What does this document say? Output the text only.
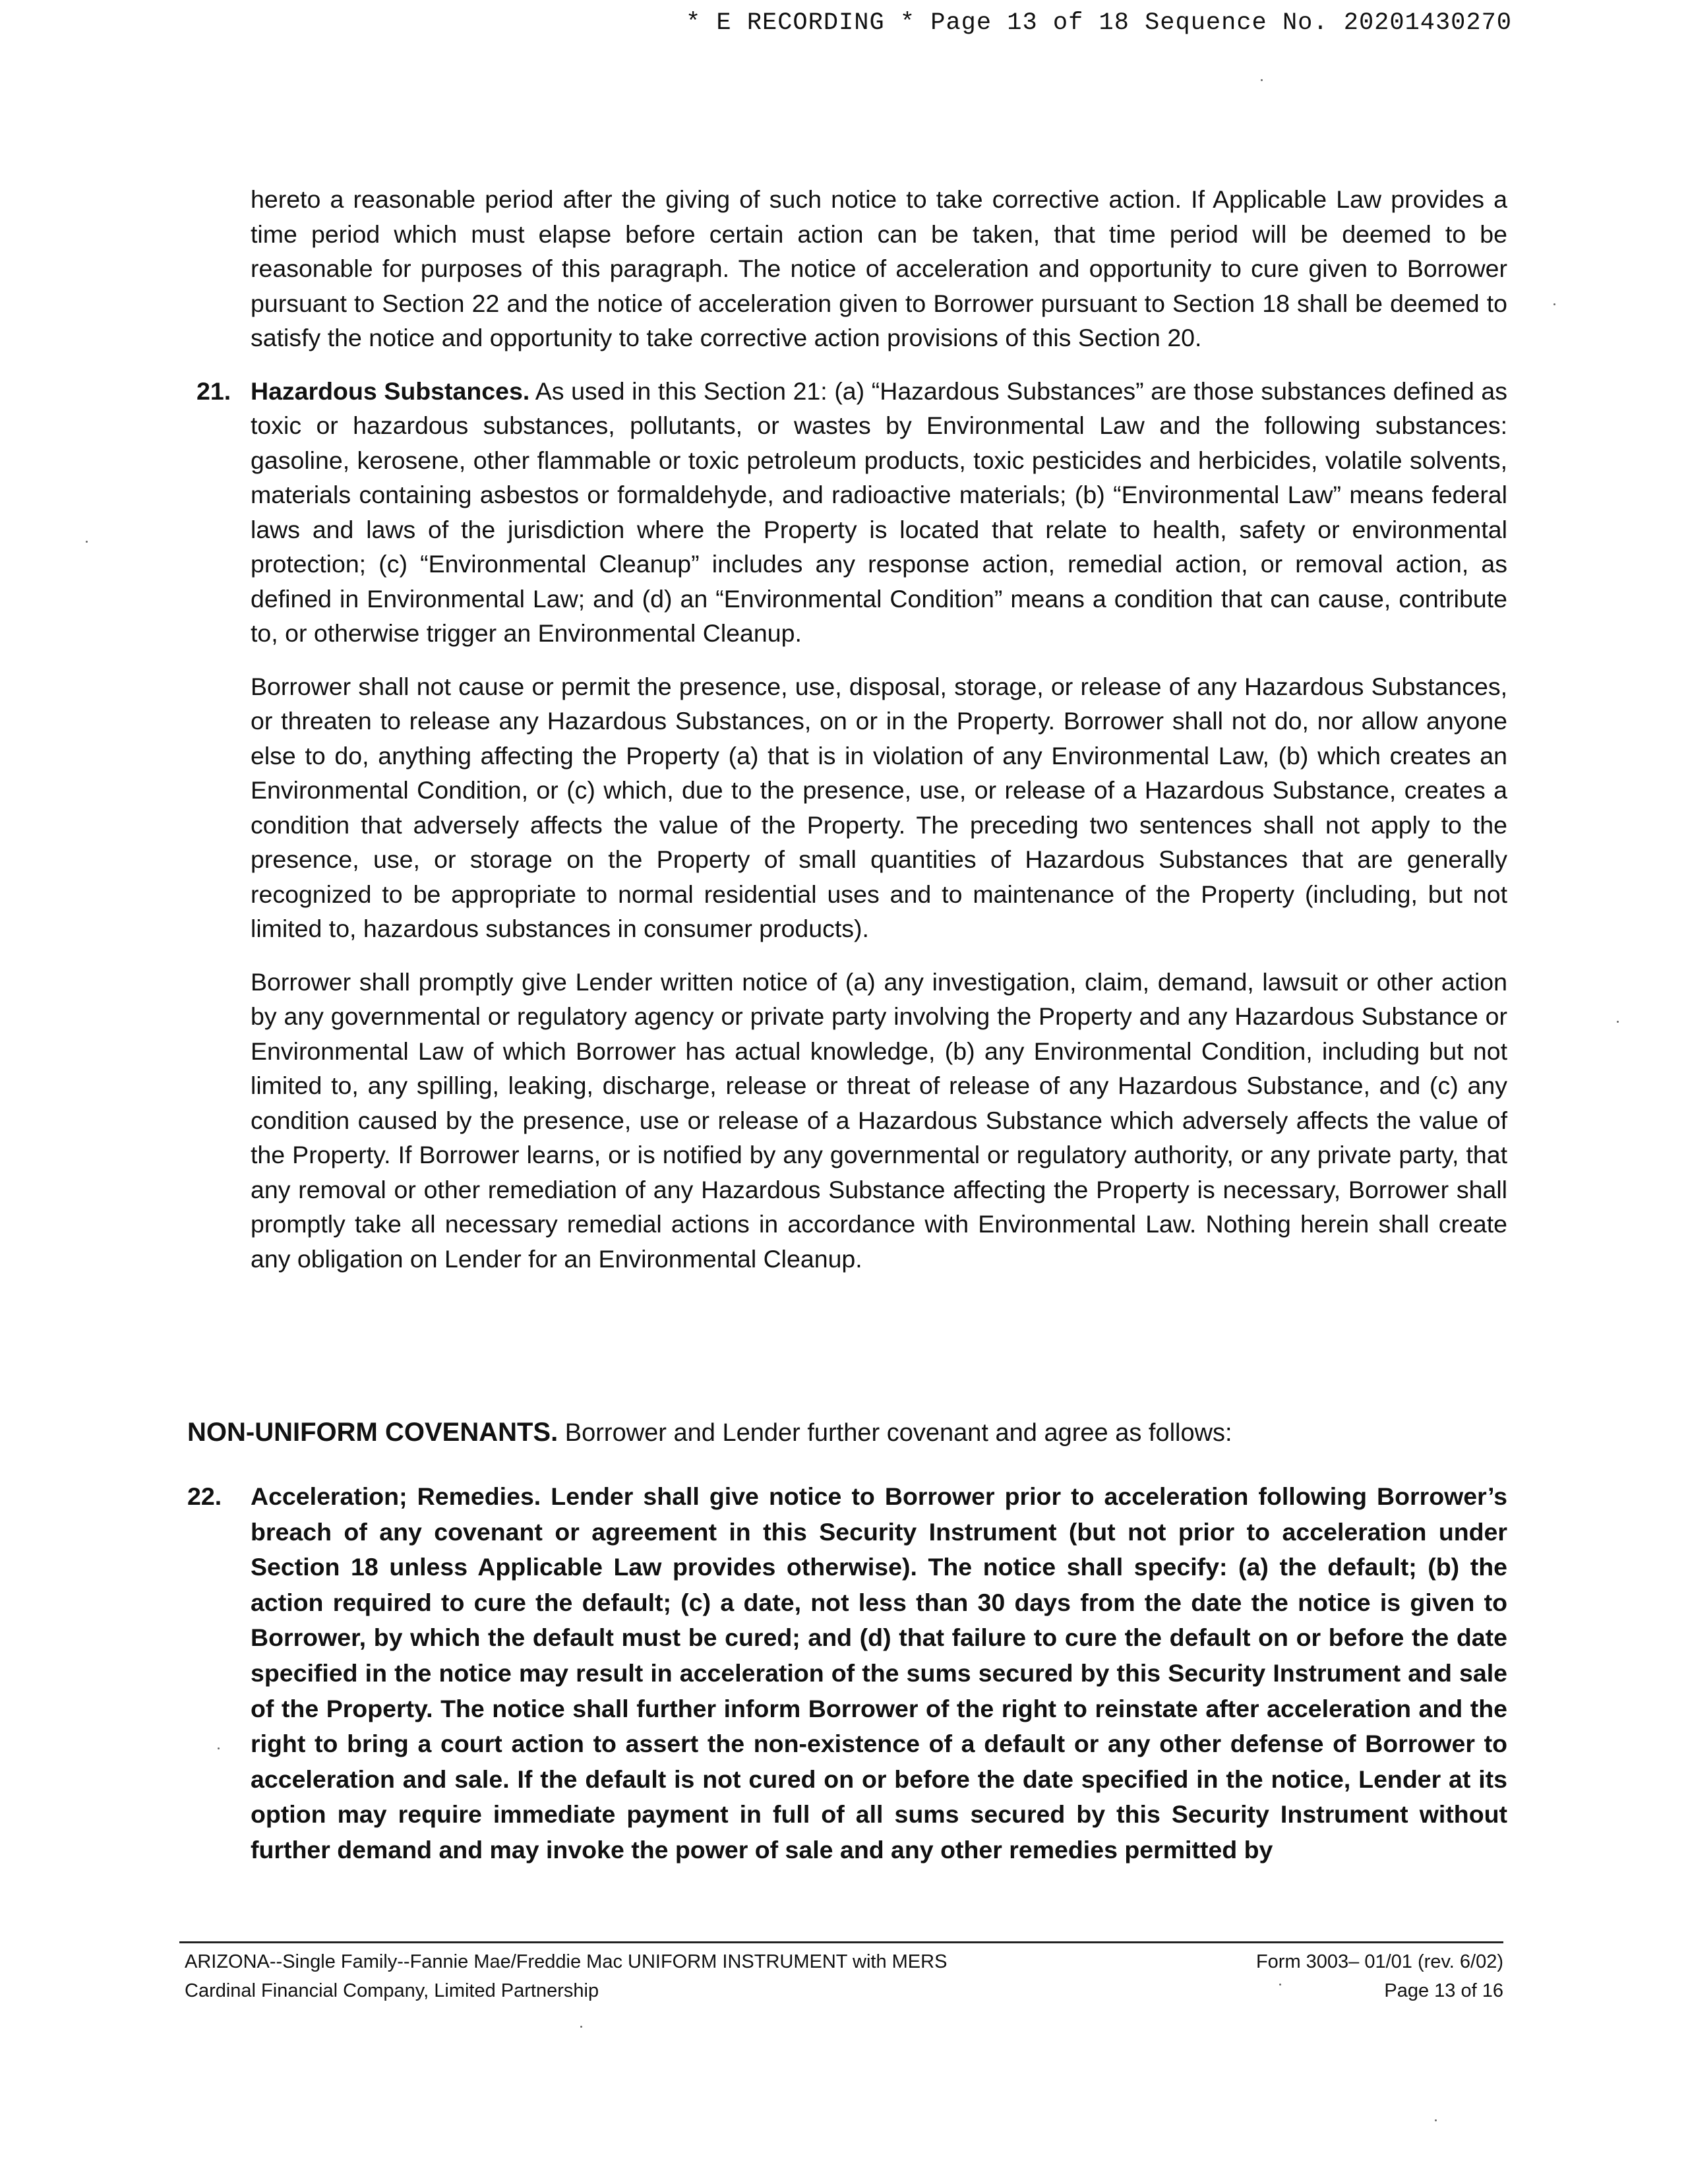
* E RECORDING * Page 13 of 18 Sequence No. 20201430270

hereto a reasonable period after the giving of such notice to take corrective action. If Applicable Law provides a time period which must elapse before certain action can be taken, that time period will be deemed to be reasonable for purposes of this paragraph. The notice of acceleration and opportunity to cure given to Borrower pursuant to Section 22 and the notice of acceleration given to Borrower pursuant to Section 18 shall be deemed to satisfy the notice and opportunity to take corrective action provisions of this Section 20.

21. Hazardous Substances. As used in this Section 21: (a) “Hazardous Substances” are those substances defined as toxic or hazardous substances, pollutants, or wastes by Environmental Law and the following substances: gasoline, kerosene, other flammable or toxic petroleum products, toxic pesticides and herbicides, volatile solvents, materials containing asbestos or formaldehyde, and radioactive materials; (b) “Environmental Law” means federal laws and laws of the jurisdiction where the Property is located that relate to health, safety or environmental protection; (c) “Environmental Cleanup” includes any response action, remedial action, or removal action, as defined in Environmental Law; and (d) an “Environmental Condition” means a condition that can cause, contribute to, or otherwise trigger an Environmental Cleanup.

Borrower shall not cause or permit the presence, use, disposal, storage, or release of any Hazardous Substances, or threaten to release any Hazardous Substances, on or in the Property. Borrower shall not do, nor allow anyone else to do, anything affecting the Property (a) that is in violation of any Environmental Law, (b) which creates an Environmental Condition, or (c) which, due to the presence, use, or release of a Hazardous Substance, creates a condition that adversely affects the value of the Property. The preceding two sentences shall not apply to the presence, use, or storage on the Property of small quantities of Hazardous Substances that are generally recognized to be appropriate to normal residential uses and to maintenance of the Property (including, but not limited to, hazardous substances in consumer products).

Borrower shall promptly give Lender written notice of (a) any investigation, claim, demand, lawsuit or other action by any governmental or regulatory agency or private party involving the Property and any Hazardous Substance or Environmental Law of which Borrower has actual knowledge, (b) any Environmental Condition, including but not limited to, any spilling, leaking, discharge, release or threat of release of any Hazardous Substance, and (c) any condition caused by the presence, use or release of a Hazardous Substance which adversely affects the value of the Property. If Borrower learns, or is notified by any governmental or regulatory authority, or any private party, that any removal or other remediation of any Hazardous Substance affecting the Property is necessary, Borrower shall promptly take all necessary remedial actions in accordance with Environmental Law. Nothing herein shall create any obligation on Lender for an Environmental Cleanup.

NON-UNIFORM COVENANTS. Borrower and Lender further covenant and agree as follows:
22. Acceleration; Remedies. Lender shall give notice to Borrower prior to acceleration following Borrower’s breach of any covenant or agreement in this Security Instrument (but not prior to acceleration under Section 18 unless Applicable Law provides otherwise). The notice shall specify: (a) the default; (b) the action required to cure the default; (c) a date, not less than 30 days from the date the notice is given to Borrower, by which the default must be cured; and (d) that failure to cure the default on or before the date specified in the notice may result in acceleration of the sums secured by this Security Instrument and sale of the Property. The notice shall further inform Borrower of the right to reinstate after acceleration and the right to bring a court action to assert the non-existence of a default or any other defense of Borrower to acceleration and sale. If the default is not cured on or before the date specified in the notice, Lender at its option may require immediate payment in full of all sums secured by this Security Instrument without further demand and may invoke the power of sale and any other remedies permitted by

ARIZONA--Single Family--Fannie Mae/Freddie Mac UNIFORM INSTRUMENT with MERS
Cardinal Financial Company, Limited Partnership
Form 3003– 01/01 (rev. 6/02)
Page 13 of 16
